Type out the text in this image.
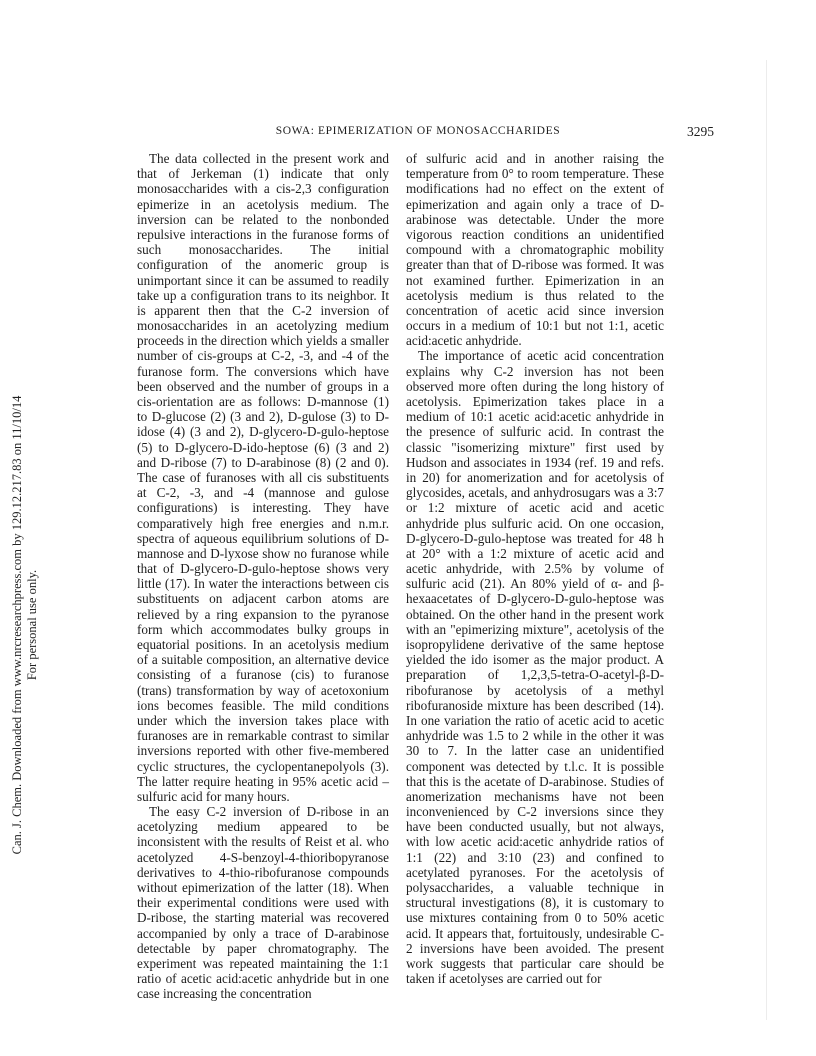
Can. J. Chem. Downloaded from www.nrcresearchpress.com by 129.12.217.83 on 11/10/14 For personal use only.
SOWA: EPIMERIZATION OF MONOSACCHARIDES	3295

The data collected in the present work and that of Jerkeman (1) indicate that only monosaccharides with a cis-2,3 configuration epimerize in an acetolysis medium. The inversion can be related to the nonbonded repulsive interactions in the furanose forms of such monosaccharides. The initial configuration of the anomeric group is unimportant since it can be assumed to readily take up a configuration trans to its neighbor. It is apparent then that the C-2 inversion of monosaccharides in an acetolyzing medium proceeds in the direction which yields a smaller number of cis-groups at C-2, -3, and -4 of the furanose form. The conversions which have been observed and the number of groups in a cis-orientation are as follows: D-mannose (1) to D-glucose (2) (3 and 2), D-gulose (3) to D-idose (4) (3 and 2), D-glycero-D-gulo-heptose (5) to D-glycero-D-ido-heptose (6) (3 and 2) and D-ribose (7) to D-arabinose (8) (2 and 0). The case of furanoses with all cis substituents at C-2, -3, and -4 (mannose and gulose configurations) is interesting. They have comparatively high free energies and n.m.r. spectra of aqueous equilibrium solutions of D-mannose and D-lyxose show no furanose while that of D-glycero-D-gulo-heptose shows very little (17). In water the interactions between cis substituents on adjacent carbon atoms are relieved by a ring expansion to the pyranose form which accommodates bulky groups in equatorial positions. In an acetolysis medium of a suitable composition, an alternative device consisting of a furanose (cis) to furanose (trans) transformation by way of acetoxonium ions becomes feasible. The mild conditions under which the inversion takes place with furanoses are in remarkable contrast to similar inversions reported with other five-membered cyclic structures, the cyclopentanepolyols (3). The latter require heating in 95% acetic acid – sulfuric acid for many hours.

The easy C-2 inversion of D-ribose in an acetolyzing medium appeared to be inconsistent with the results of Reist et al. who acetolyzed 4-S-benzoyl-4-thioribopyranose derivatives to 4-thio-ribofuranose compounds without epimerization of the latter (18). When their experimental conditions were used with D-ribose, the starting material was recovered accompanied by only a trace of D-arabinose detectable by paper chromatography. The experiment was repeated maintaining the 1:1 ratio of acetic acid:acetic anhydride but in one case increasing the concentration

of sulfuric acid and in another raising the temperature from 0° to room temperature. These modifications had no effect on the extent of epimerization and again only a trace of D-arabinose was detectable. Under the more vigorous reaction conditions an unidentified compound with a chromatographic mobility greater than that of D-ribose was formed. It was not examined further. Epimerization in an acetolysis medium is thus related to the concentration of acetic acid since inversion occurs in a medium of 10:1 but not 1:1, acetic acid:acetic anhydride.

The importance of acetic acid concentration explains why C-2 inversion has not been observed more often during the long history of acetolysis. Epimerization takes place in a medium of 10:1 acetic acid:acetic anhydride in the presence of sulfuric acid. In contrast the classic "isomerizing mixture" first used by Hudson and associates in 1934 (ref. 19 and refs. in 20) for anomerization and for acetolysis of glycosides, acetals, and anhydrosugars was a 3:7 or 1:2 mixture of acetic acid and acetic anhydride plus sulfuric acid. On one occasion, D-glycero-D-gulo-heptose was treated for 48 h at 20° with a 1:2 mixture of acetic acid and acetic anhydride, with 2.5% by volume of sulfuric acid (21). An 80% yield of α- and β-hexaacetates of D-glycero-D-gulo-heptose was obtained. On the other hand in the present work with an "epimerizing mixture", acetolysis of the isopropylidene derivative of the same heptose yielded the ido isomer as the major product. A preparation of 1,2,3,5-tetra-O-acetyl-β-D-ribofuranose by acetolysis of a methyl ribofuranoside mixture has been described (14). In one variation the ratio of acetic acid to acetic anhydride was 1.5 to 2 while in the other it was 30 to 7. In the latter case an unidentified component was detected by t.l.c. It is possible that this is the acetate of D-arabinose. Studies of anomerization mechanisms have not been inconvenienced by C-2 inversions since they have been conducted usually, but not always, with low acetic acid:acetic anhydride ratios of 1:1 (22) and 3:10 (23) and confined to acetylated pyranoses. For the acetolysis of polysaccharides, a valuable technique in structural investigations (8), it is customary to use mixtures containing from 0 to 50% acetic acid. It appears that, fortuitously, undesirable C-2 inversions have been avoided. The present work suggests that particular care should be taken if acetolyses are carried out for
